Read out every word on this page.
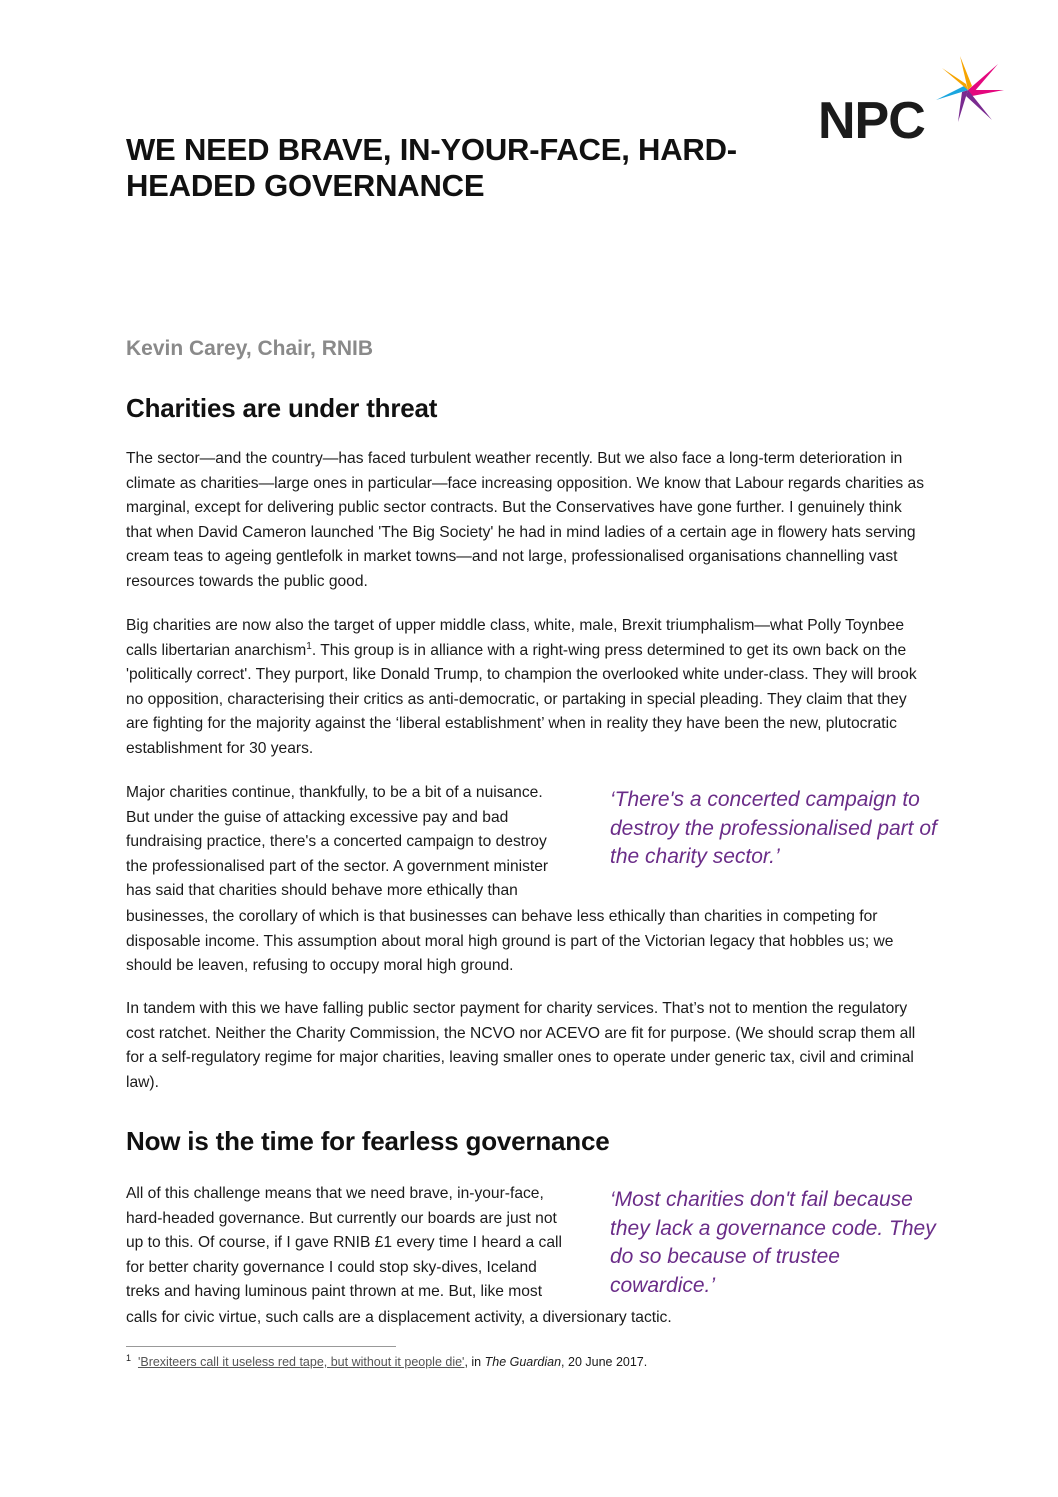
NPC
WE NEED BRAVE, IN-YOUR-FACE, HARD-HEADED GOVERNANCE

Kevin Carey, Chair, RNIB

Charities are under threat

The sector—and the country—has faced turbulent weather recently. But we also face a long-term deterioration in climate as charities—large ones in particular—face increasing opposition. We know that Labour regards charities as marginal, except for delivering public sector contracts. But the Conservatives have gone further. I genuinely think that when David Cameron launched 'The Big Society' he had in mind ladies of a certain age in flowery hats serving cream teas to ageing gentlefolk in market towns—and not large, professionalised organisations channelling vast resources towards the public good.

Big charities are now also the target of upper middle class, white, male, Brexit triumphalism—what Polly Toynbee calls libertarian anarchism$^1$. This group is in alliance with a right-wing press determined to get its own back on the 'politically correct'. They purport, like Donald Trump, to champion the overlooked white under-class. They will brook no opposition, characterising their critics as anti-democratic, or partaking in special pleading. They claim that they are fighting for the majority against the ‘liberal establishment’ when in reality they have been the new, plutocratic establishment for 30 years.

Major charities continue, thankfully, to be a bit of a nuisance. But under the guise of attacking excessive pay and bad fundraising practice, there's a concerted campaign to destroy the professionalised part of the sector. A government minister has said that charities should behave more ethically than

businesses, the corollary of which is that businesses can behave less ethically than charities in competing for disposable income. This assumption about moral high ground is part of the Victorian legacy that hobbles us; we should be leaven, refusing to occupy moral high ground.

‘There's a concerted campaign to destroy the professionalised part of the charity sector.’

In tandem with this we have falling public sector payment for charity services. That’s not to mention the regulatory cost ratchet. Neither the Charity Commission, the NCVO nor ACEVO are fit for purpose. (We should scrap them all for a self-regulatory regime for major charities, leaving smaller ones to operate under generic tax, civil and criminal law).

Now is the time for fearless governance

All of this challenge means that we need brave, in-your-face, hard-headed governance. But currently our boards are just not up to this. Of course, if I gave RNIB £1 every time I heard a call for better charity governance I could stop sky-dives, Iceland treks and having luminous paint thrown at me. But, like most

calls for civic virtue, such calls are a displacement activity, a diversionary tactic.

‘Most charities don't fail because they lack a governance code. They do so because of trustee cowardice.’

$^1$ 'Brexiteers call it useless red tape, but without it people die', in The Guardian, 20 June 2017.
